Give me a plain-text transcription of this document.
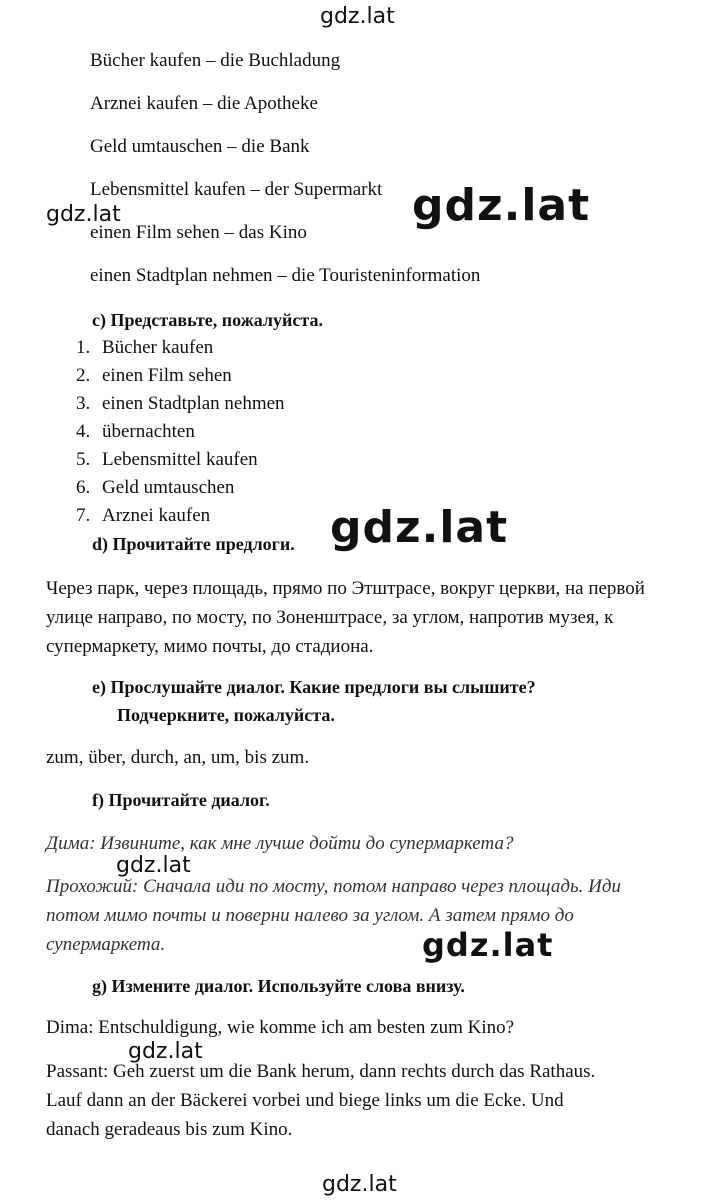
gdz.lat
gdz.lat
gdz.lat
gdz.lat
gdz.lat
gdz.lat
gdz.lat
gdz.lat
Bücher kaufen – die Buchladung
Arznei kaufen – die Apotheke
Geld umtauschen – die Bank
Lebensmittel kaufen – der Supermarkt
einen Film sehen – das Kino
einen Stadtplan nehmen – die Touristeninformation
c) Представьте, пожалуйста.
1. Bücher kaufen
2. einen Film sehen
3. einen Stadtplan nehmen
4. übernachten
5. Lebensmittel kaufen
6. Geld umtauschen
7. Arznei kaufen
d) Прочитайте предлоги.
Через парк, через площадь, прямо по Этштрасе, вокруг церкви, на первой улице направо, по мосту, по Зоненштрасе, за углом, напротив музея, к супермаркету, мимо почты, до стадиона.
e) Прослушайте диалог. Какие предлоги вы слышите?
Подчеркните, пожалуйста.
zum, über, durch, an, um, bis zum.
f) Прочитайте диалог.
Дима: Извините, как мне лучше дойти до супермаркета?
Прохожий: Сначала иди по мосту, потом направо через площадь. Иди потом мимо почты и поверни налево за углом. А затем прямо до супермаркета.
g) Измените диалог. Используйте слова внизу.
Dima: Entschuldigung, wie komme ich am besten zum Kino?
Passant: Geh zuerst um die Bank herum, dann rechts durch das Rathaus. Lauf dann an der Bäckerei vorbei und biege links um die Ecke. Und danach geradeaus bis zum Kino.
